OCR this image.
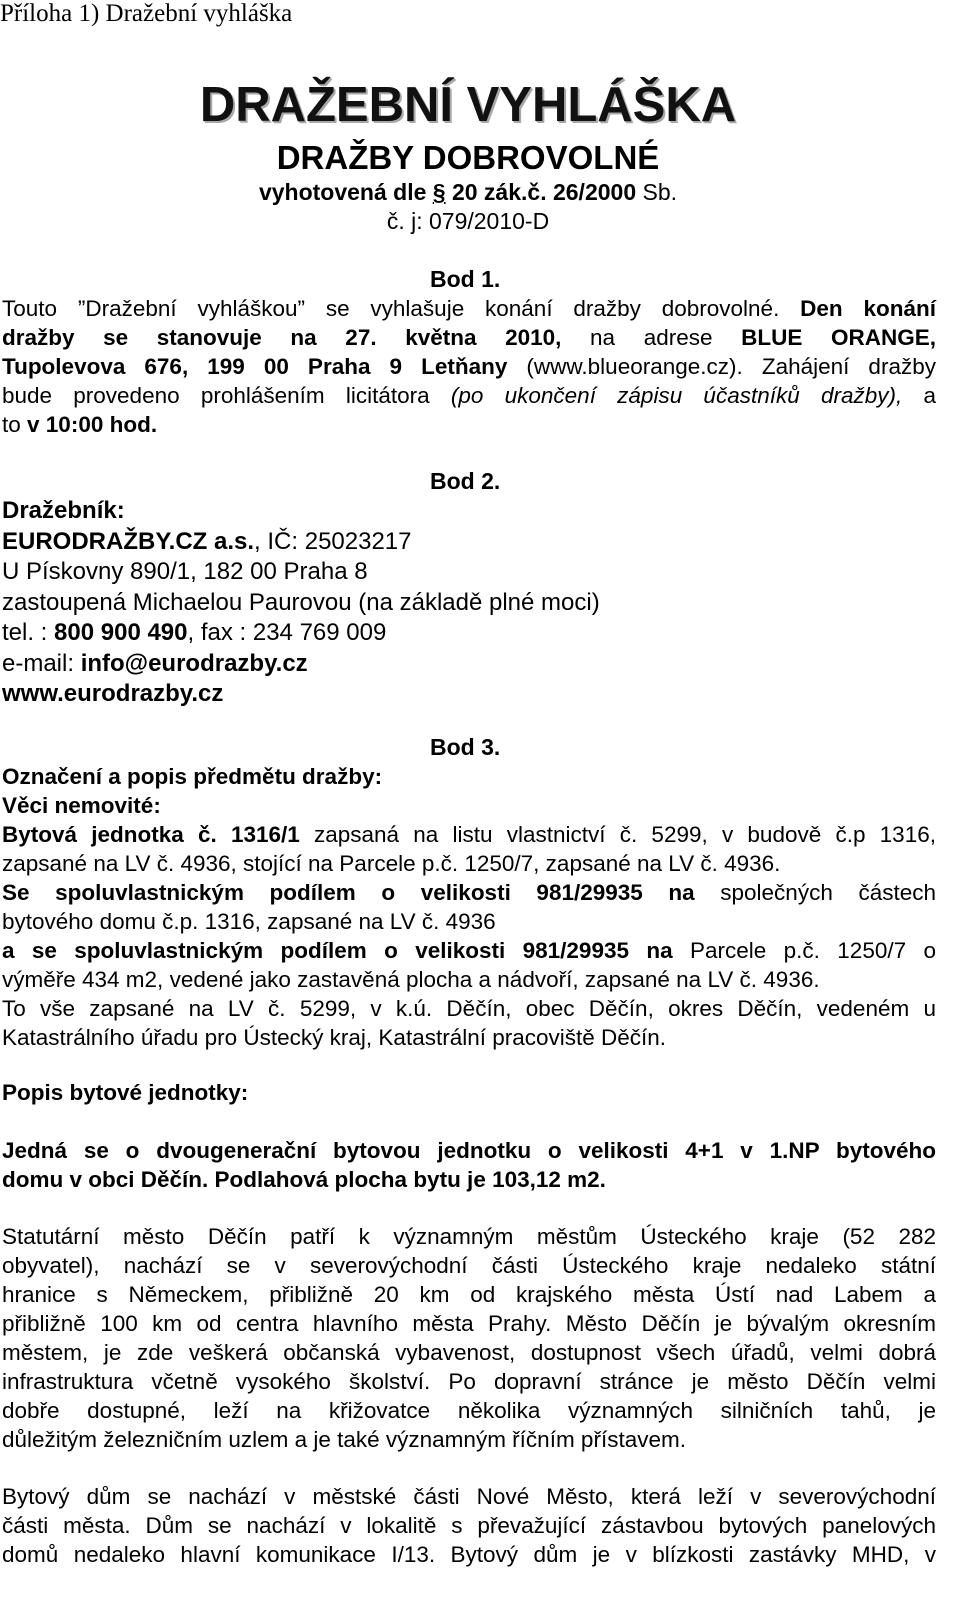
Příloha 1) Dražební vyhláška
DRAŽEBNÍ VYHLÁŠKA
DRAŽBY DOBROVOLNÉ
vyhotovená dle § 20 zák.č. 26/2000 Sb.
č. j: 079/2010-D
Bod 1.
Touto ”Dražební vyhláškou” se vyhlašuje konání dražby dobrovolné. Den konání
dražby se stanovuje na 27. května 2010, na adrese BLUE ORANGE,
Tupolevova 676, 199 00 Praha 9 Letňany (www.blueorange.cz). Zahájení dražby
bude provedeno prohlášením licitátora (po ukončení zápisu účastníků dražby), a
to v 10:00 hod.
Bod 2.
Dražebník:
EURODRAŽBY.CZ a.s., IČ: 25023217
U Pískovny 890/1, 182 00 Praha 8
zastoupená Michaelou Paurovou (na základě plné moci)
tel. : 800 900 490, fax : 234 769 009
e-mail: info@eurodrazby.cz
www.eurodrazby.cz
Bod 3.
Označení a popis předmětu dražby:
Věci nemovité:
Bytová jednotka č. 1316/1 zapsaná na listu vlastnictví č. 5299, v budově č.p 1316,
zapsané na LV č. 4936, stojící na Parcele p.č. 1250/7, zapsané na LV č. 4936.
Se spoluvlastnickým podílem o velikosti 981/29935 na společných částech
bytového domu č.p. 1316, zapsané na LV č. 4936
a se spoluvlastnickým podílem o velikosti 981/29935 na Parcele p.č. 1250/7 o
výměře 434 m2, vedené jako zastavěná plocha a nádvoří, zapsané na LV č. 4936.
To vše zapsané na LV č. 5299, v k.ú. Děčín, obec Děčín, okres Děčín, vedeném u
Katastrálního úřadu pro Ústecký kraj, Katastrální pracoviště Děčín.
Popis bytové jednotky:
Jedná se o dvougenerační bytovou jednotku o velikosti 4+1 v 1.NP bytového
domu v obci Děčín. Podlahová plocha bytu je 103,12 m2.
Statutární město Děčín patří k významným městům Ústeckého kraje (52 282
obyvatel), nachází se v severovýchodní části Ústeckého kraje nedaleko státní
hranice s Německem, přibližně 20 km od krajského města Ústí nad Labem a
přibližně 100 km od centra hlavního města Prahy. Město Děčín je bývalým okresním
městem, je zde veškerá občanská vybavenost, dostupnost všech úřadů, velmi dobrá
infrastruktura včetně vysokého školství. Po dopravní stránce je město Děčín velmi
dobře dostupné, leží na křižovatce několika významných silničních tahů, je
důležitým železničním uzlem a je také významným říčním přístavem.
Bytový dům se nachází v městské části Nové Město, která leží v severovýchodní
části města. Dům se nachází v lokalitě s převažující zástavbou bytových panelových
domů nedaleko hlavní komunikace I/13. Bytový dům je v blízkosti zastávky MHD, v
